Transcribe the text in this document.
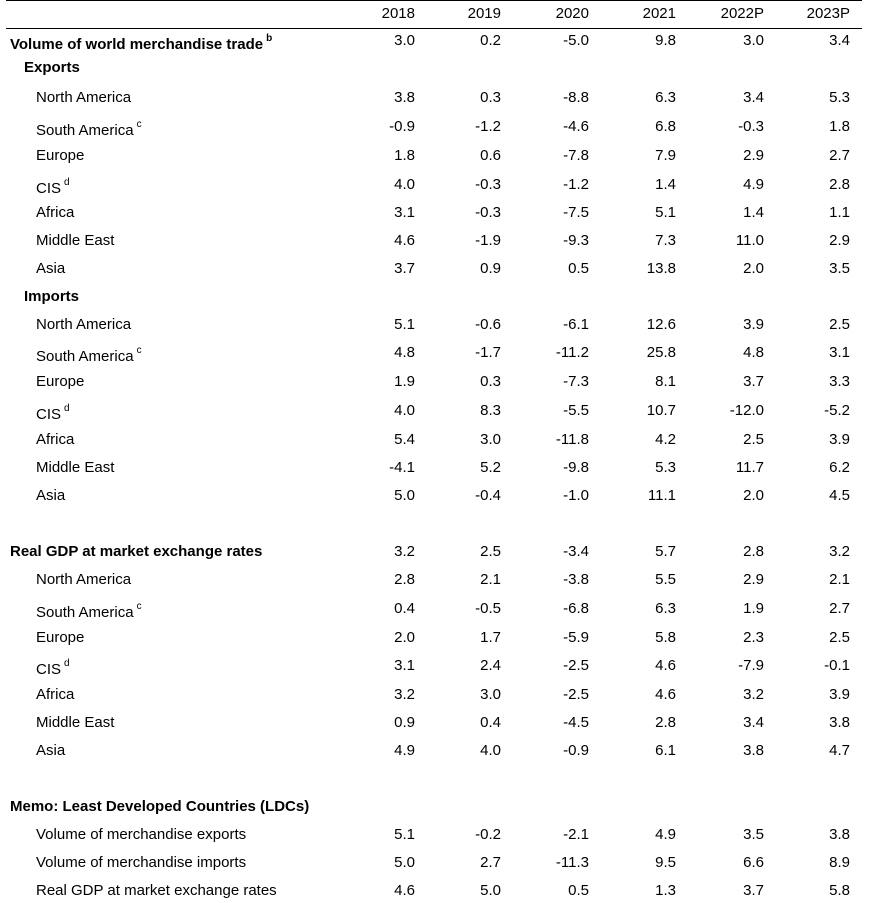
2018	2019	2020	2021	2022P	2023P
Volume of world merchandise trade $^b$	3.0	0.2	-5.0	9.8	3.0	3.4
Exports
North America	3.8	0.3	-8.8	6.3	3.4	5.3
South America $^c$	-0.9	-1.2	-4.6	6.8	-0.3	1.8
Europe	1.8	0.6	-7.8	7.9	2.9	2.7
CIS $^d$	4.0	-0.3	-1.2	1.4	4.9	2.8
Africa	3.1	-0.3	-7.5	5.1	1.4	1.1
Middle East	4.6	-1.9	-9.3	7.3	11.0	2.9
Asia	3.7	0.9	0.5	13.8	2.0	3.5
Imports
North America	5.1	-0.6	-6.1	12.6	3.9	2.5
South America $^c$	4.8	-1.7	-11.2	25.8	4.8	3.1
Europe	1.9	0.3	-7.3	8.1	3.7	3.3
CIS $^d$	4.0	8.3	-5.5	10.7	-12.0	-5.2
Africa	5.4	3.0	-11.8	4.2	2.5	3.9
Middle East	-4.1	5.2	-9.8	5.3	11.7	6.2
Asia	5.0	-0.4	-1.0	11.1	2.0	4.5
Real GDP at market exchange rates	3.2	2.5	-3.4	5.7	2.8	3.2
North America	2.8	2.1	-3.8	5.5	2.9	2.1
South America $^c$	0.4	-0.5	-6.8	6.3	1.9	2.7
Europe	2.0	1.7	-5.9	5.8	2.3	2.5
CIS $^d$	3.1	2.4	-2.5	4.6	-7.9	-0.1
Africa	3.2	3.0	-2.5	4.6	3.2	3.9
Middle East	0.9	0.4	-4.5	2.8	3.4	3.8
Asia	4.9	4.0	-0.9	6.1	3.8	4.7
Memo: Least Developed Countries (LDCs)
Volume of merchandise exports	5.1	-0.2	-2.1	4.9	3.5	3.8
Volume of merchandise imports	5.0	2.7	-11.3	9.5	6.6	8.9
Real GDP at market exchange rates	4.6	5.0	0.5	1.3	3.7	5.8
